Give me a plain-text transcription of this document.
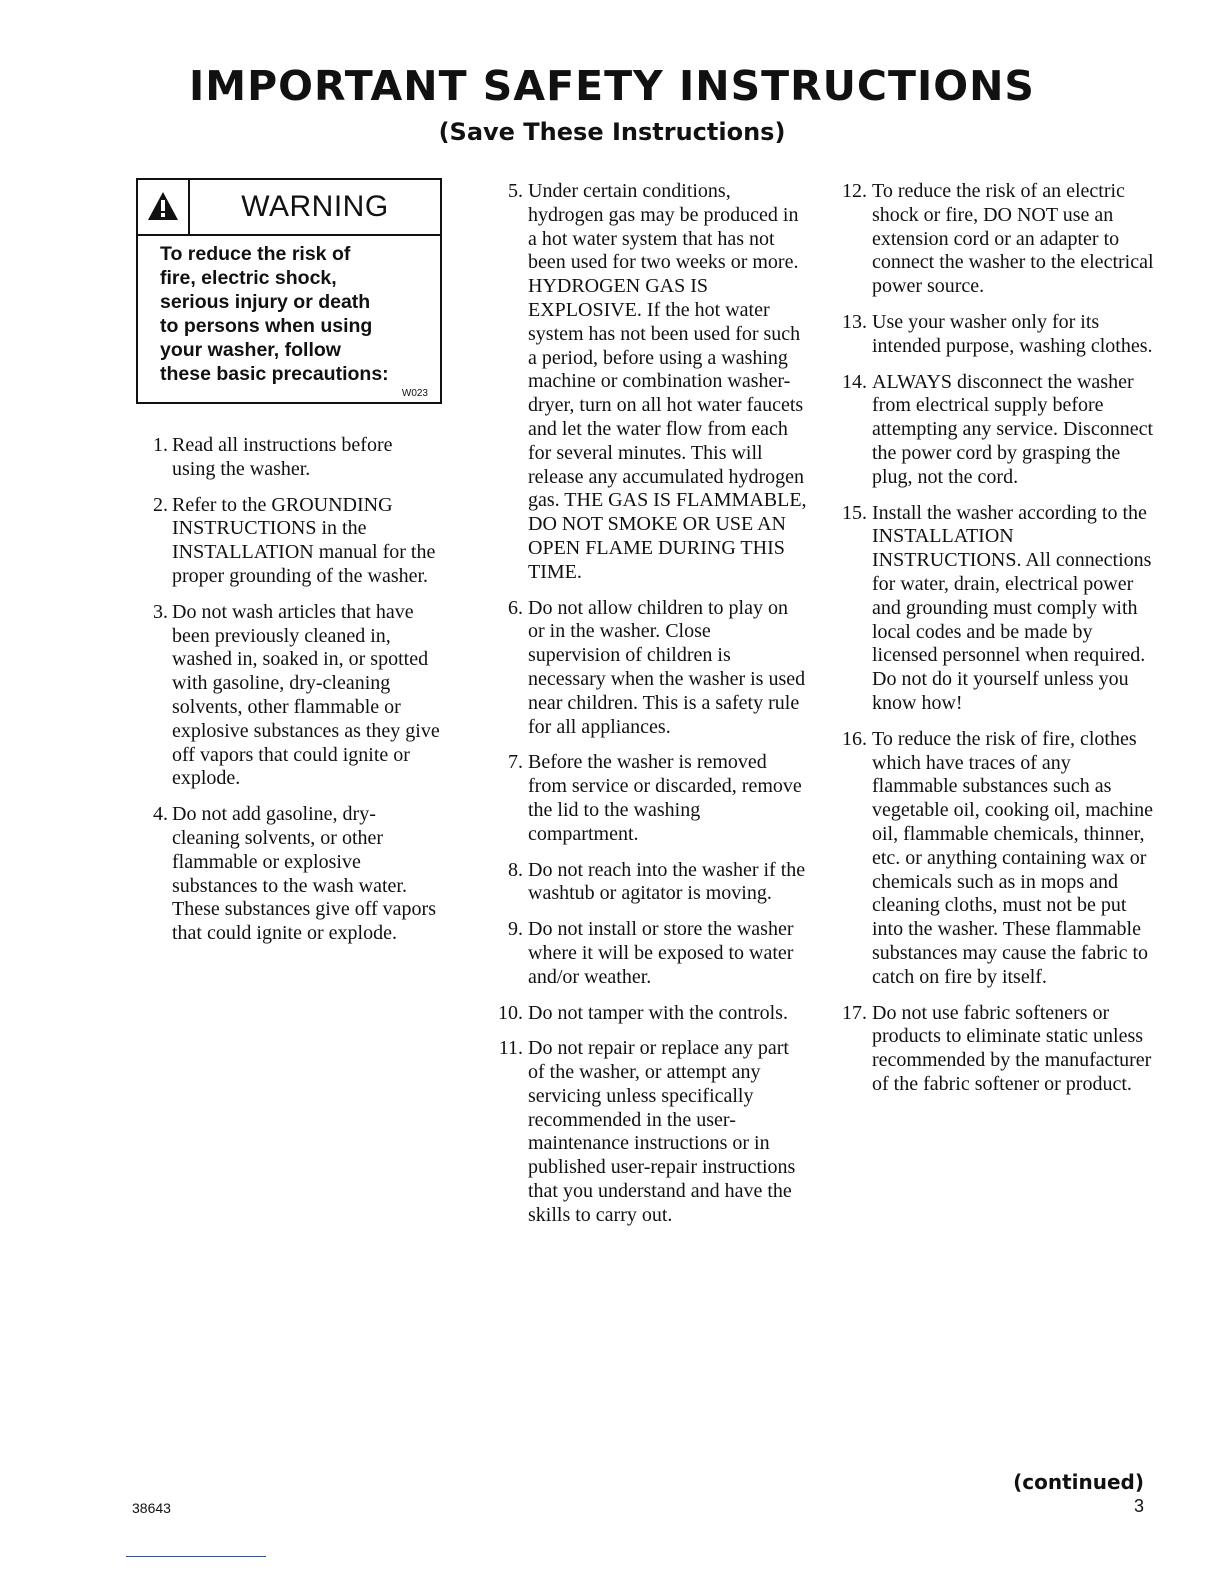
IMPORTANT SAFETY INSTRUCTIONS
(Save These Instructions)
WARNING
To reduce the risk of
fire, electric shock,
serious injury or death
to persons when using
your washer, follow
these basic precautions:
W023
1. Read all instructions before using the washer.
2. Refer to the GROUNDING INSTRUCTIONS in the INSTALLATION manual for the proper grounding of the washer.
3. Do not wash articles that have been previously cleaned in, washed in, soaked in, or spotted with gasoline, dry-cleaning solvents, other flammable or explosive substances as they give off vapors that could ignite or explode.
4. Do not add gasoline, dry-cleaning solvents, or other flammable or explosive substances to the wash water. These substances give off vapors that could ignite or explode.
5. Under certain conditions, hydrogen gas may be produced in a hot water system that has not been used for two weeks or more. HYDROGEN GAS IS EXPLOSIVE. If the hot water system has not been used for such a period, before using a washing machine or combination washer-dryer, turn on all hot water faucets and let the water flow from each for several minutes. This will release any accumulated hydrogen gas. THE GAS IS FLAMMABLE, DO NOT SMOKE OR USE AN OPEN FLAME DURING THIS TIME.
6. Do not allow children to play on or in the washer. Close supervision of children is necessary when the washer is used near children. This is a safety rule for all appliances.
7. Before the washer is removed from service or discarded, remove the lid to the washing compartment.
8. Do not reach into the washer if the washtub or agitator is moving.
9. Do not install or store the washer where it will be exposed to water and/or weather.
10. Do not tamper with the controls.
11. Do not repair or replace any part of the washer, or attempt any servicing unless specifically recommended in the user-maintenance instructions or in published user-repair instructions that you understand and have the skills to carry out.
12. To reduce the risk of an electric shock or fire, DO NOT use an extension cord or an adapter to connect the washer to the electrical power source.
13. Use your washer only for its intended purpose, washing clothes.
14. ALWAYS disconnect the washer from electrical supply before attempting any service. Disconnect the power cord by grasping the plug, not the cord.
15. Install the washer according to the INSTALLATION INSTRUCTIONS. All connections for water, drain, electrical power and grounding must comply with local codes and be made by licensed personnel when required. Do not do it yourself unless you know how!
16. To reduce the risk of fire, clothes which have traces of any flammable substances such as vegetable oil, cooking oil, machine oil, flammable chemicals, thinner, etc. or anything containing wax or chemicals such as in mops and cleaning cloths, must not be put into the washer. These flammable substances may cause the fabric to catch on fire by itself.
17. Do not use fabric softeners or products to eliminate static unless recommended by the manufacturer of the fabric softener or product.
(continued)
3
38643
